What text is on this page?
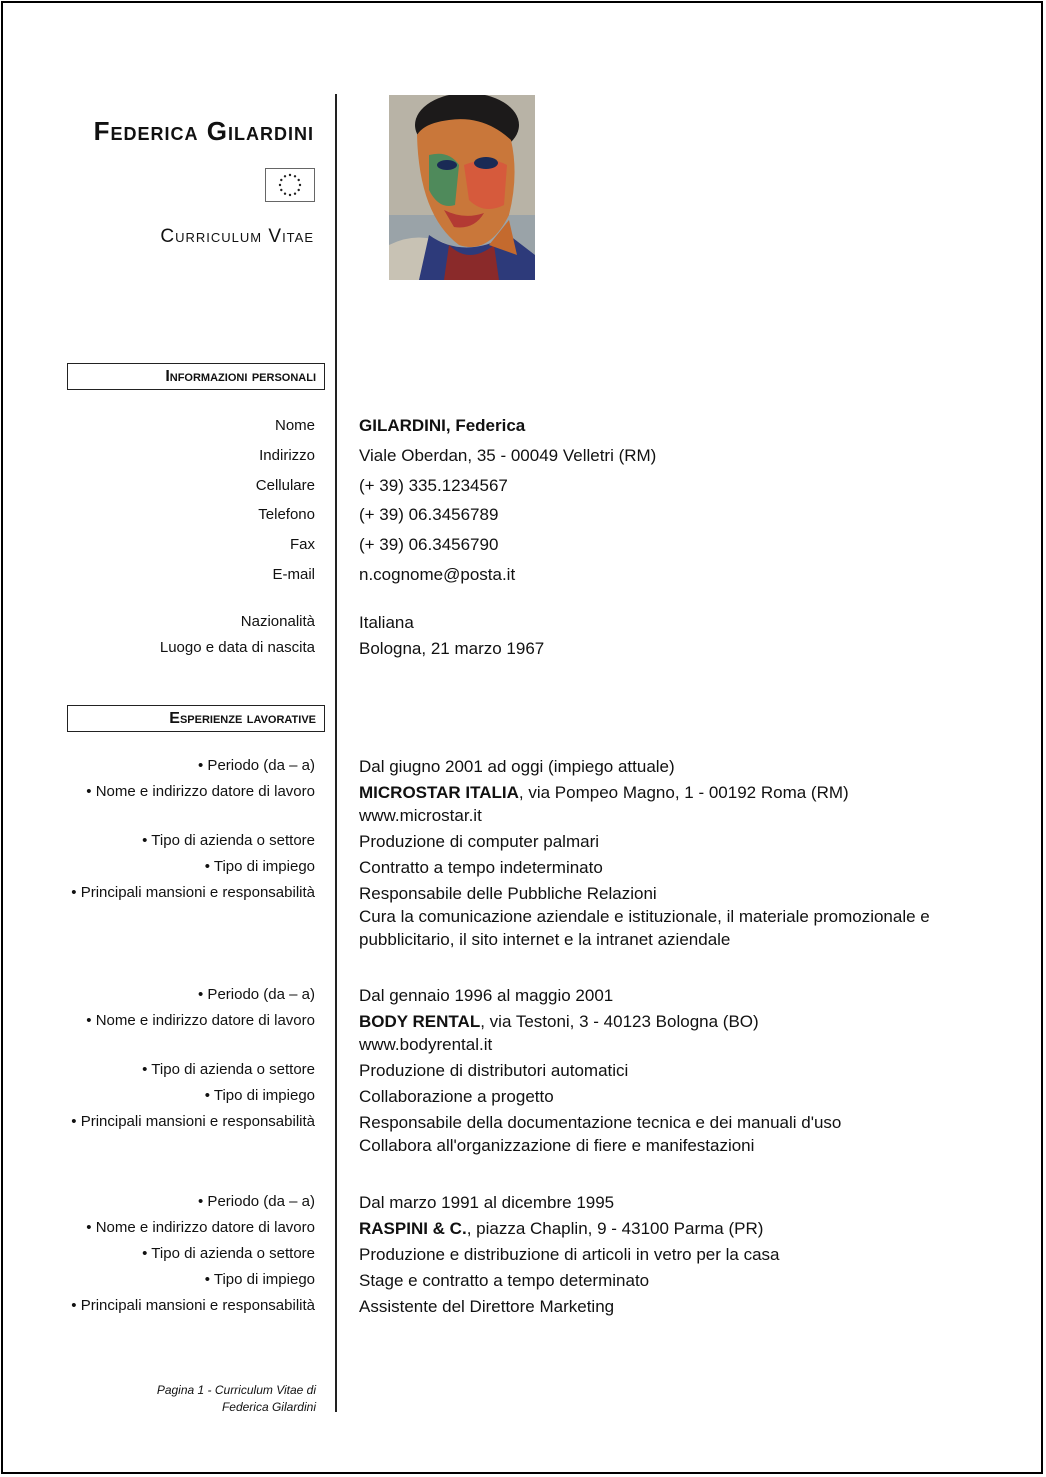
Federica Gilardini
Curriculum Vitae
Informazioni personali
Nome	GILARDINI, Federica
Indirizzo	Viale Oberdan, 35 - 00049 Velletri (RM)
Cellulare	(+ 39) 335.1234567
Telefono	(+ 39) 06.3456789
Fax	(+ 39) 06.3456790
E-mail	n.cognome@posta.it
Nazionalità	Italiana
Luogo e data di nascita	Bologna, 21 marzo 1967
Esperienze lavorative
• Periodo (da – a)	Dal giugno 2001 ad oggi (impiego attuale)
• Nome e indirizzo datore di lavoro	MICROSTAR ITALIA, via Pompeo Magno, 1 - 00192 Roma (RM)
www.microstar.it
• Tipo di azienda o settore	Produzione di computer palmari
• Tipo di impiego	Contratto a tempo indeterminato
• Principali mansioni e responsabilità	Responsabile delle Pubbliche Relazioni
Cura la comunicazione aziendale e istituzionale, il materiale promozionale e
pubblicitario, il sito internet e la intranet aziendale
• Periodo (da – a)	Dal gennaio 1996 al maggio 2001
• Nome e indirizzo datore di lavoro	BODY RENTAL, via Testoni, 3 - 40123 Bologna (BO)
www.bodyrental.it
• Tipo di azienda o settore	Produzione di distributori automatici
• Tipo di impiego	Collaborazione a progetto
• Principali mansioni e responsabilità	Responsabile della documentazione tecnica e dei manuali d'uso
Collabora all'organizzazione di fiere e manifestazioni
• Periodo (da – a)	Dal marzo 1991 al dicembre 1995
• Nome e indirizzo datore di lavoro	RASPINI & C., piazza Chaplin, 9 - 43100 Parma (PR)
• Tipo di azienda o settore	Produzione e distribuzione di articoli in vetro per la casa
• Tipo di impiego	Stage e contratto a tempo determinato
• Principali mansioni e responsabilità	Assistente del Direttore Marketing
Pagina 1 - Curriculum Vitae di
Federica Gilardini
